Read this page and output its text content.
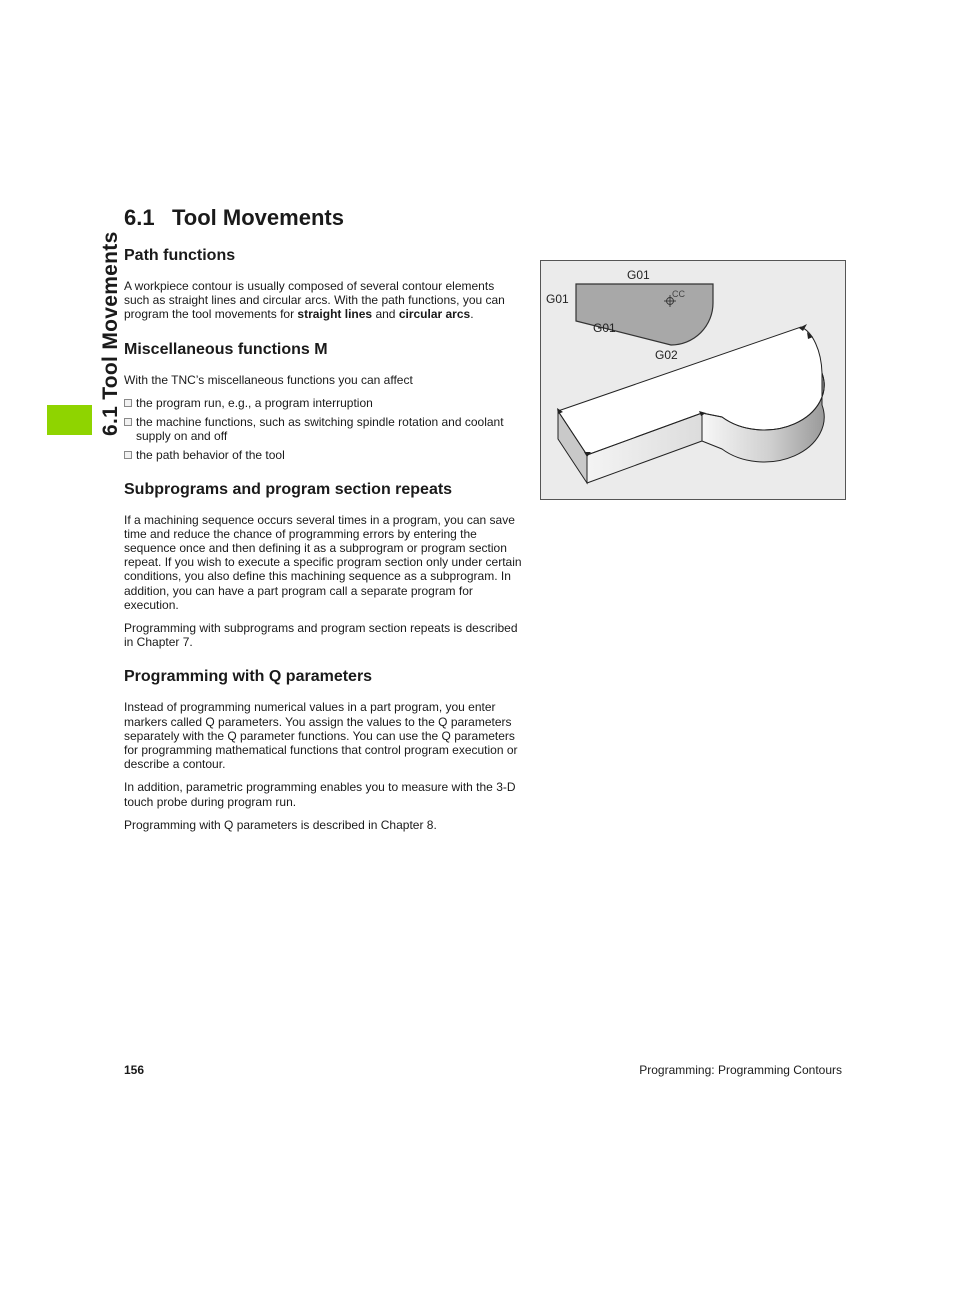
6.1 Tool Movements
6.1 Tool Movements
Path functions

A workpiece contour is usually composed of several contour elements such as straight lines and circular arcs. With the path functions, you can program the tool movements for straight lines and circular arcs.

Miscellaneous functions M

With the TNC’s miscellaneous functions you can affect

the program run, e.g., a program interruption
the machine functions, such as switching spindle rotation and coolant supply on and off
the path behavior of the tool
Subprograms and program section repeats

If a machining sequence occurs several times in a program, you can save time and reduce the chance of programming errors by entering the sequence once and then defining it as a subprogram or program section repeat. If you wish to execute a specific program section only under certain conditions, you also define this machining sequence as a subprogram. In addition, you can have a part program call a separate program for execution.

Programming with subprograms and program section repeats is described in Chapter 7.

Programming with Q parameters

Instead of programming numerical values in a part program, you enter markers called Q parameters. You assign the values to the Q parameters separately with the Q parameter functions. You can use the Q parameters for programming mathematical functions that control program execution or describe a contour.

In addition, parametric programming enables you to measure with the 3-D touch probe during program run.

Programming with Q parameters is described in Chapter 8.

G01
G01
G01
G02
CC
156	Programming: Programming Contours
